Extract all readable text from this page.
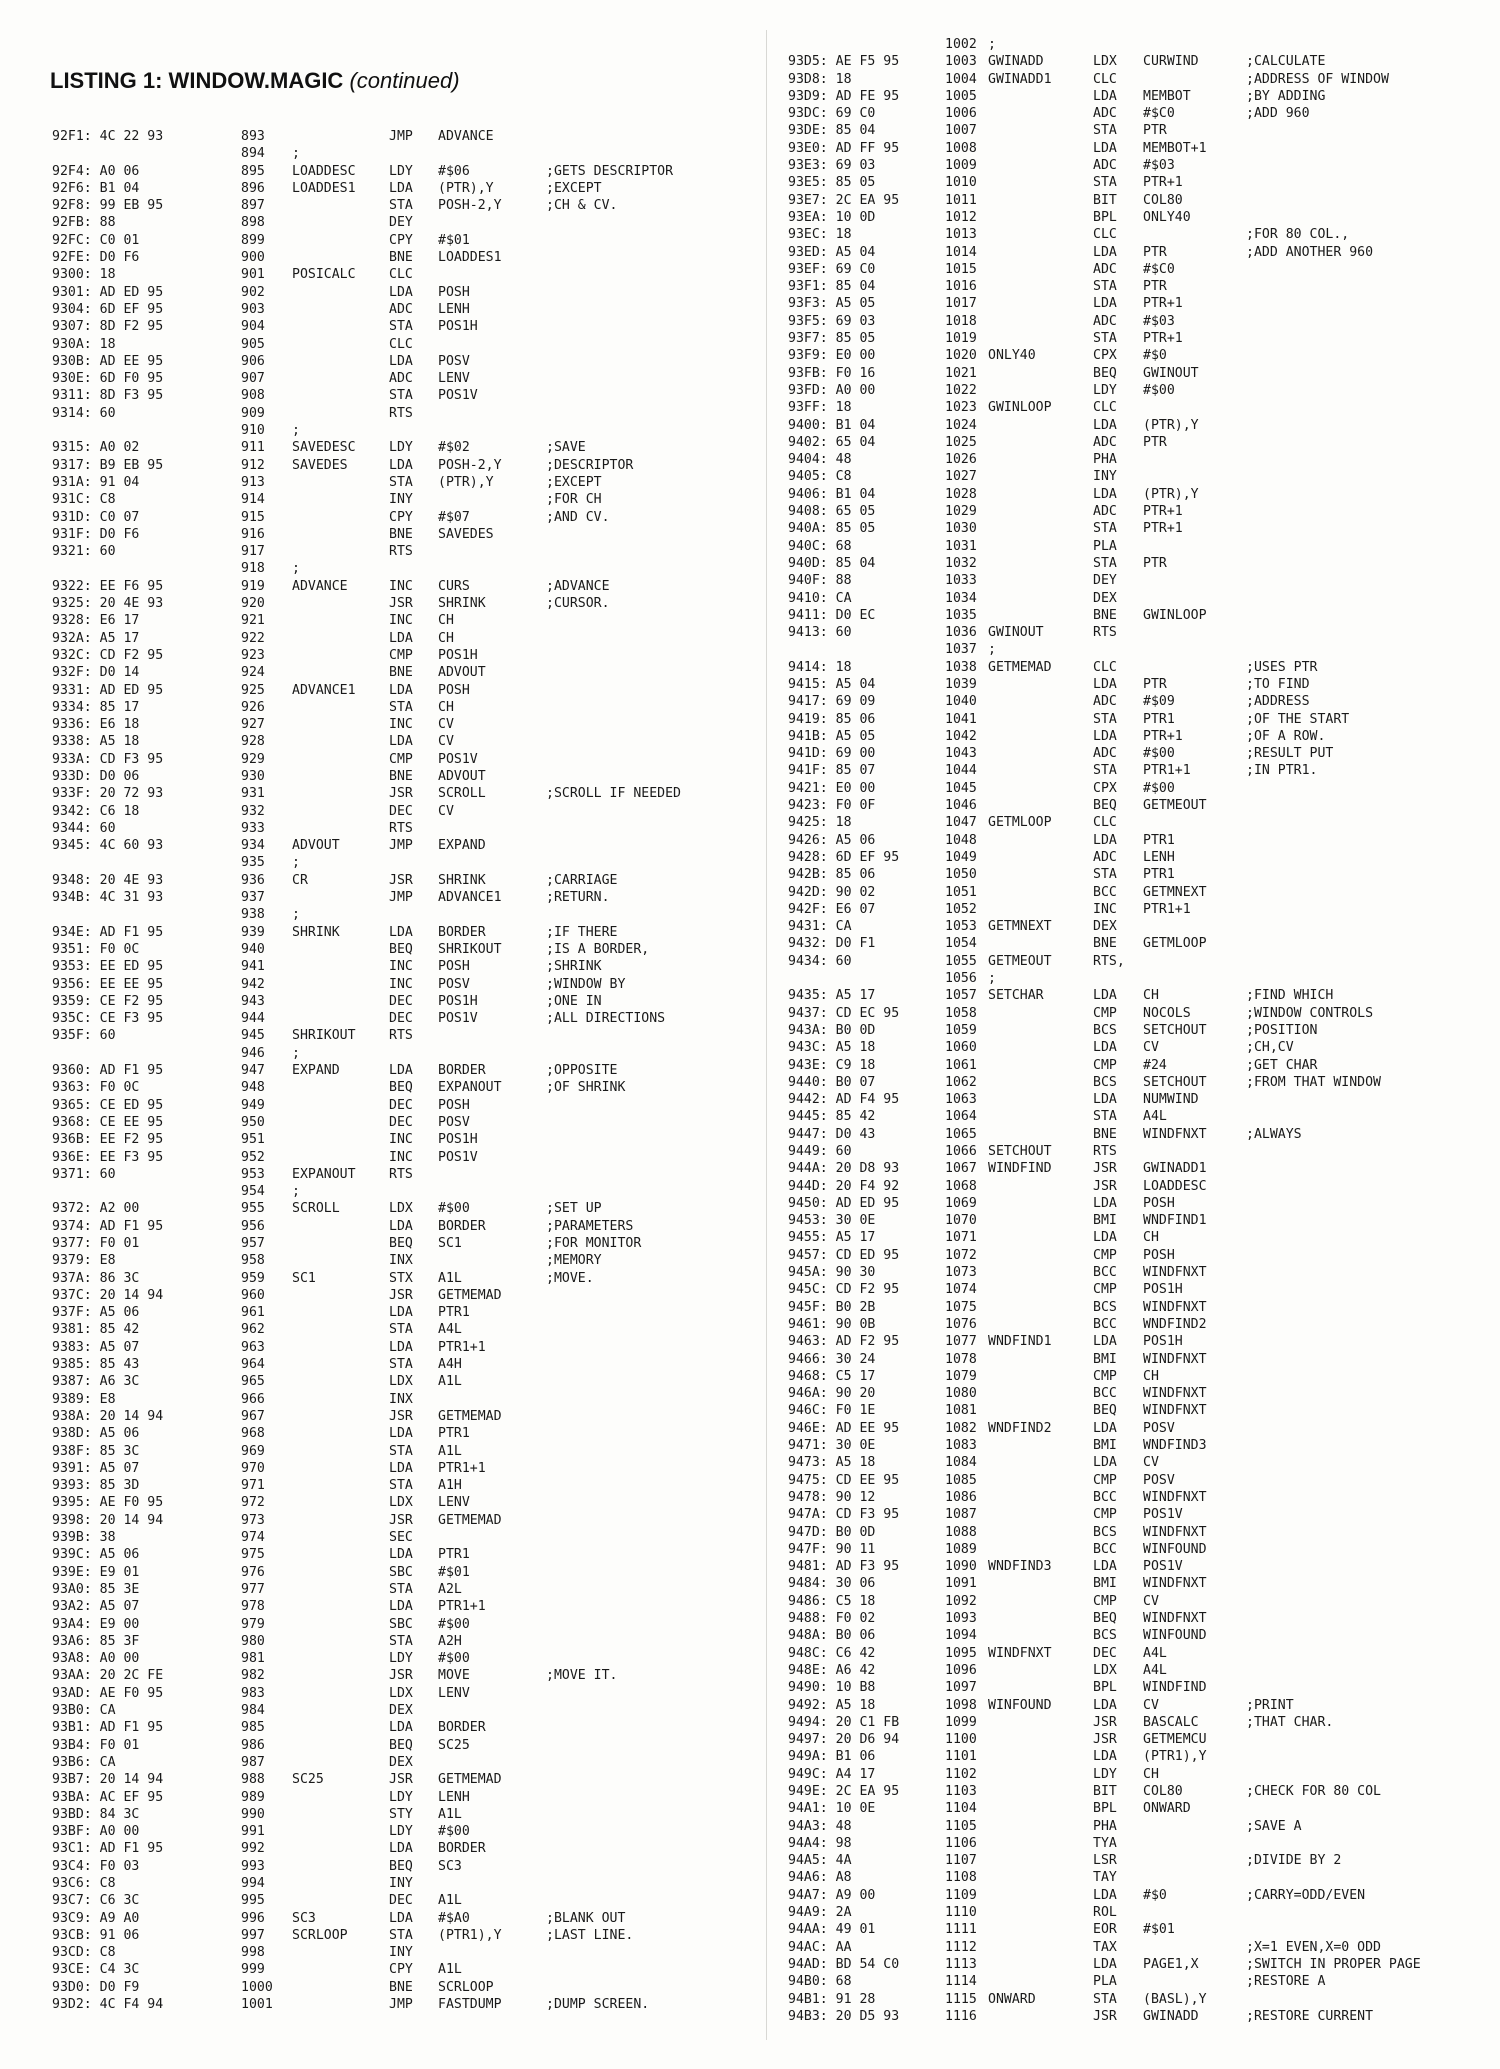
LISTING 1: WINDOW.MAGIC (continued)
92F1: 4C 22 93	893	JMP ADVANCE
894 ;
92F4: A0 06	895 LOADDESC	LDY #$06	;GETS DESCRIPTOR
92F6: B1 04	896 LOADDES1	LDA (PTR),Y	;EXCEPT
92F8: 99 EB 95	897	STA POSH-2,Y	;CH & CV.
92FB: 88	898	DEY
92FC: C0 01	899	CPY #$01
92FE: D0 F6	900	BNE LOADDES1
9300: 18	901 POSICALC	CLC
9301: AD ED 95	902	LDA POSH
9304: 6D EF 95	903	ADC LENH
9307: 8D F2 95	904	STA POS1H
930A: 18	905	CLC
930B: AD EE 95	906	LDA POSV
930E: 6D F0 95	907	ADC LENV
9311: 8D F3 95	908	STA POS1V
9314: 60	909	RTS
910 ;
9315: A0 02	911 SAVEDESC	LDY #$02	;SAVE
9317: B9 EB 95	912 SAVEDES	LDA POSH-2,Y	;DESCRIPTOR
931A: 91 04	913	STA (PTR),Y	;EXCEPT
931C: C8	914	INY	;FOR CH
931D: C0 07	915	CPY #$07	;AND CV.
931F: D0 F6	916	BNE SAVEDES
9321: 60	917	RTS
918 ;
9322: EE F6 95	919 ADVANCE	INC CURS	;ADVANCE
9325: 20 4E 93	920	JSR SHRINK	;CURSOR.
9328: E6 17	921	INC CH
932A: A5 17	922	LDA CH
932C: CD F2 95	923	CMP POS1H
932F: D0 14	924	BNE ADVOUT
9331: AD ED 95	925 ADVANCE1	LDA POSH
9334: 85 17	926	STA CH
9336: E6 18	927	INC CV
9338: A5 18	928	LDA CV
933A: CD F3 95	929	CMP POS1V
933D: D0 06	930	BNE ADVOUT
933F: 20 72 93	931	JSR SCROLL	;SCROLL IF NEEDED
9342: C6 18	932	DEC CV
9344: 60	933	RTS
9345: 4C 60 93	934 ADVOUT	JMP EXPAND
935 ;
9348: 20 4E 93	936 CR	JSR SHRINK	;CARRIAGE
934B: 4C 31 93	937	JMP ADVANCE1	;RETURN.
938 ;
934E: AD F1 95	939 SHRINK	LDA BORDER	;IF THERE
9351: F0 0C	940	BEQ SHRIKOUT	;IS A BORDER,
9353: EE ED 95	941	INC POSH	;SHRINK
9356: EE EE 95	942	INC POSV	;WINDOW BY
9359: CE F2 95	943	DEC POS1H	;ONE IN
935C: CE F3 95	944	DEC POS1V	;ALL DIRECTIONS
935F: 60	945 SHRIKOUT	RTS
946 ;
9360: AD F1 95	947 EXPAND	LDA BORDER	;OPPOSITE
9363: F0 0C	948	BEQ EXPANOUT	;OF SHRINK
9365: CE ED 95	949	DEC POSH
9368: CE EE 95	950	DEC POSV
936B: EE F2 95	951	INC POS1H
936E: EE F3 95	952	INC POS1V
9371: 60	953 EXPANOUT	RTS
954 ;
9372: A2 00	955 SCROLL	LDX #$00	;SET UP
9374: AD F1 95	956	LDA BORDER	;PARAMETERS
9377: F0 01	957	BEQ SC1	;FOR MONITOR
9379: E8	958	INX	;MEMORY
937A: 86 3C	959 SC1	STX A1L	;MOVE.
937C: 20 14 94	960	JSR GETMEMAD
937F: A5 06	961	LDA PTR1
9381: 85 42	962	STA A4L
9383: A5 07	963	LDA PTR1+1
9385: 85 43	964	STA A4H
9387: A6 3C	965	LDX A1L
9389: E8	966	INX
938A: 20 14 94	967	JSR GETMEMAD
938D: A5 06	968	LDA PTR1
938F: 85 3C	969	STA A1L
9391: A5 07	970	LDA PTR1+1
9393: 85 3D	971	STA A1H
9395: AE F0 95	972	LDX LENV
9398: 20 14 94	973	JSR GETMEMAD
939B: 38	974	SEC
939C: A5 06	975	LDA PTR1
939E: E9 01	976	SBC #$01
93A0: 85 3E	977	STA A2L
93A2: A5 07	978	LDA PTR1+1
93A4: E9 00	979	SBC #$00
93A6: 85 3F	980	STA A2H
93A8: A0 00	981	LDY #$00
93AA: 20 2C FE	982	JSR MOVE	;MOVE IT.
93AD: AE F0 95	983	LDX LENV
93B0: CA	984	DEX
93B1: AD F1 95	985	LDA BORDER
93B4: F0 01	986	BEQ SC25
93B6: CA	987	DEX
93B7: 20 14 94	988 SC25	JSR GETMEMAD
93BA: AC EF 95	989	LDY LENH
93BD: 84 3C	990	STY A1L
93BF: A0 00	991	LDY #$00
93C1: AD F1 95	992	LDA BORDER
93C4: F0 03	993	BEQ SC3
93C6: C8	994	INY
93C7: C6 3C	995	DEC A1L
93C9: A9 A0	996 SC3	LDA #$A0	;BLANK OUT
93CB: 91 06	997 SCRLOOP	STA (PTR1),Y	;LAST LINE.
93CD: C8	998	INY
93CE: C4 3C	999	CPY A1L
93D0: D0 F9	1000	BNE SCRLOOP
93D2: 4C F4 94	1001	JMP FASTDUMP	;DUMP SCREEN.
1002 ;
93D5: AE F5 95	1003 GWINADD	LDX CURWIND	;CALCULATE
93D8: 18	1004 GWINADD1	CLC	;ADDRESS OF WINDOW
93D9: AD FE 95	1005	LDA MEMBOT	;BY ADDING
93DC: 69 C0	1006	ADC #$C0	;ADD 960
93DE: 85 04	1007	STA PTR
93E0: AD FF 95	1008	LDA MEMBOT+1
93E3: 69 03	1009	ADC #$03
93E5: 85 05	1010	STA PTR+1
93E7: 2C EA 95	1011	BIT COL80
93EA: 10 0D	1012	BPL ONLY40
93EC: 18	1013	CLC	;FOR 80 COL.,
93ED: A5 04	1014	LDA PTR	;ADD ANOTHER 960
93EF: 69 C0	1015	ADC #$C0
93F1: 85 04	1016	STA PTR
93F3: A5 05	1017	LDA PTR+1
93F5: 69 03	1018	ADC #$03
93F7: 85 05	1019	STA PTR+1
93F9: E0 00	1020 ONLY40	CPX #$0
93FB: F0 16	1021	BEQ GWINOUT
93FD: A0 00	1022	LDY #$00
93FF: 18	1023 GWINLOOP	CLC
9400: B1 04	1024	LDA (PTR),Y
9402: 65 04	1025	ADC PTR
9404: 48	1026	PHA
9405: C8	1027	INY
9406: B1 04	1028	LDA (PTR),Y
9408: 65 05	1029	ADC PTR+1
940A: 85 05	1030	STA PTR+1
940C: 68	1031	PLA
940D: 85 04	1032	STA PTR
940F: 88	1033	DEY
9410: CA	1034	DEX
9411: D0 EC	1035	BNE GWINLOOP
9413: 60	1036 GWINOUT	RTS
1037 ;
9414: 18	1038 GETMEMAD	CLC	;USES PTR
9415: A5 04	1039	LDA PTR	;TO FIND
9417: 69 09	1040	ADC #$09	;ADDRESS
9419: 85 06	1041	STA PTR1	;OF THE START
941B: A5 05	1042	LDA PTR+1	;OF A ROW.
941D: 69 00	1043	ADC #$00	;RESULT PUT
941F: 85 07	1044	STA PTR1+1	;IN PTR1.
9421: E0 00	1045	CPX #$00
9423: F0 0F	1046	BEQ GETMEOUT
9425: 18	1047 GETMLOOP	CLC
9426: A5 06	1048	LDA PTR1
9428: 6D EF 95	1049	ADC LENH
942B: 85 06	1050	STA PTR1
942D: 90 02	1051	BCC GETMNEXT
942F: E6 07	1052	INC PTR1+1
9431: CA	1053 GETMNEXT	DEX
9432: D0 F1	1054	BNE GETMLOOP
9434: 60	1055 GETMEOUT	RTS,
1056 ;
9435: A5 17	1057 SETCHAR	LDA CH	;FIND WHICH
9437: CD EC 95	1058	CMP NOCOLS	;WINDOW CONTROLS
943A: B0 0D	1059	BCS SETCHOUT	;POSITION
943C: A5 18	1060	LDA CV	;CH,CV
943E: C9 18	1061	CMP #24	;GET CHAR
9440: B0 07	1062	BCS SETCHOUT	;FROM THAT WINDOW
9442: AD F4 95	1063	LDA NUMWIND
9445: 85 42	1064	STA A4L
9447: D0 43	1065	BNE WINDFNXT	;ALWAYS
9449: 60	1066 SETCHOUT	RTS
944A: 20 D8 93	1067 WINDFIND	JSR GWINADD1
944D: 20 F4 92	1068	JSR LOADDESC
9450: AD ED 95	1069	LDA POSH
9453: 30 0E	1070	BMI WNDFIND1
9455: A5 17	1071	LDA CH
9457: CD ED 95	1072	CMP POSH
945A: 90 30	1073	BCC WINDFNXT
945C: CD F2 95	1074	CMP POS1H
945F: B0 2B	1075	BCS WINDFNXT
9461: 90 0B	1076	BCC WNDFIND2
9463: AD F2 95	1077 WNDFIND1	LDA POS1H
9466: 30 24	1078	BMI WINDFNXT
9468: C5 17	1079	CMP CH
946A: 90 20	1080	BCC WINDFNXT
946C: F0 1E	1081	BEQ WINDFNXT
946E: AD EE 95	1082 WNDFIND2	LDA POSV
9471: 30 0E	1083	BMI WNDFIND3
9473: A5 18	1084	LDA CV
9475: CD EE 95	1085	CMP POSV
9478: 90 12	1086	BCC WINDFNXT
947A: CD F3 95	1087	CMP POS1V
947D: B0 0D	1088	BCS WINDFNXT
947F: 90 11	1089	BCC WINFOUND
9481: AD F3 95	1090 WNDFIND3	LDA POS1V
9484: 30 06	1091	BMI WINDFNXT
9486: C5 18	1092	CMP CV
9488: F0 02	1093	BEQ WINDFNXT
948A: B0 06	1094	BCS WINFOUND
948C: C6 42	1095 WINDFNXT	DEC A4L
948E: A6 42	1096	LDX A4L
9490: 10 B8	1097	BPL WINDFIND
9492: A5 18	1098 WINFOUND	LDA CV	;PRINT
9494: 20 C1 FB	1099	JSR BASCALC	;THAT CHAR.
9497: 20 D6 94	1100	JSR GETMEMCU
949A: B1 06	1101	LDA (PTR1),Y
949C: A4 17	1102	LDY CH
949E: 2C EA 95	1103	BIT COL80	;CHECK FOR 80 COL
94A1: 10 0E	1104	BPL ONWARD
94A3: 48	1105	PHA	;SAVE A
94A4: 98	1106	TYA
94A5: 4A	1107	LSR	;DIVIDE BY 2
94A6: A8	1108	TAY
94A7: A9 00	1109	LDA #$0	;CARRY=ODD/EVEN
94A9: 2A	1110	ROL
94AA: 49 01	1111	EOR #$01
94AC: AA	1112	TAX	;X=1 EVEN,X=0 ODD
94AD: BD 54 C0	1113	LDA PAGE1,X	;SWITCH IN PROPER PAGE
94B0: 68	1114	PLA	;RESTORE A
94B1: 91 28	1115 ONWARD	STA (BASL),Y
94B3: 20 D5 93	1116	JSR GWINADD	;RESTORE CURRENT
